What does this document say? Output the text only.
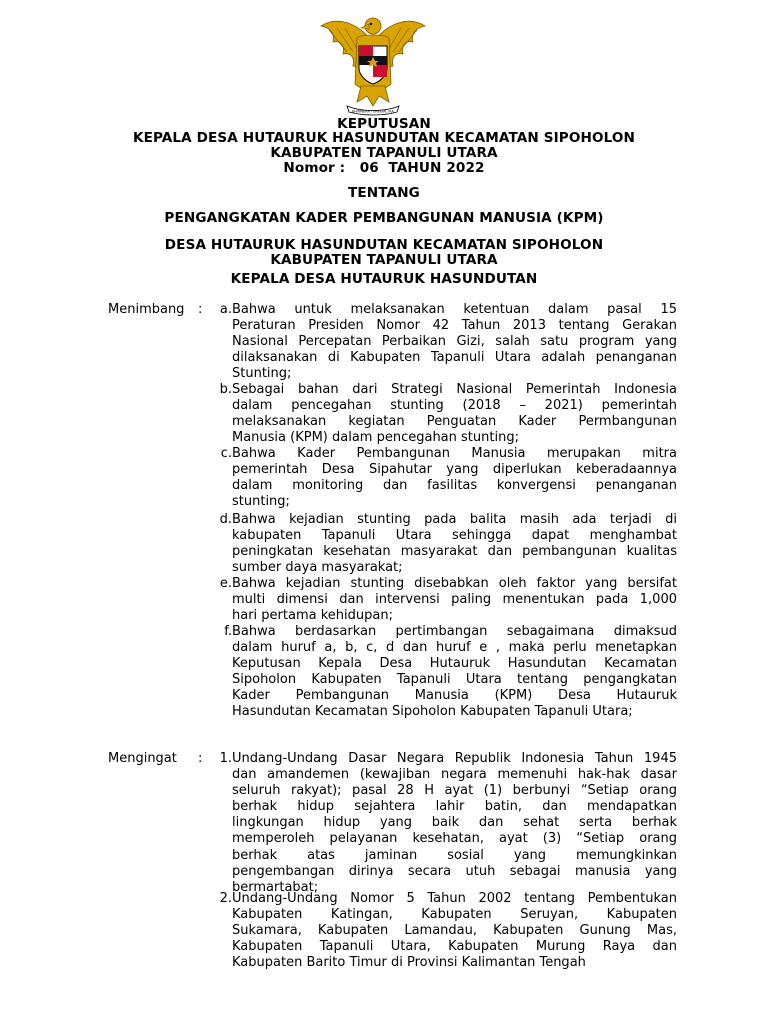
BHINNEKA TUNGGAL IKA
KEPUTUSAN
KEPALA DESA HUTAURUK HASUNDUTAN KECAMATAN SIPOHOLON
KABUPATEN TAPANULI UTARA
Nomor :   06  TAHUN 2022
TENTANG
PENGANGKATAN KADER PEMBANGUNAN MANUSIA (KPM)
DESA HUTAURUK HASUNDUTAN KECAMATAN SIPOHOLON
KABUPATEN TAPANULI UTARA
KEPALA DESA HUTAURUK HASUNDUTAN
Menimbang :	a. Bahwa untuk melaksanakan ketentuan dalam pasal 15
Peraturan Presiden Nomor 42 Tahun 2013 tentang Gerakan
Nasional Percepatan Perbaikan Gizi, salah satu program yang
dilaksanakan di Kabupaten Tapanuli Utara adalah penanganan
Stunting;
b. Sebagai bahan dari Strategi Nasional Pemerintah Indonesia
dalam pencegahan stunting (2018 – 2021) pemerintah
melaksanakan kegiatan Penguatan Kader Permbangunan
Manusia (KPM) dalam pencegahan stunting;
c. Bahwa Kader Pembangunan Manusia merupakan mitra
pemerintah Desa Sipahutar yang diperlukan keberadaannya
dalam monitoring dan fasilitas konvergensi penanganan
stunting;
d. Bahwa kejadian stunting pada balita masih ada terjadi di
kabupaten Tapanuli Utara sehingga dapat menghambat
peningkatan kesehatan masyarakat dan pembangunan kualitas
sumber daya masyarakat;
e. Bahwa kejadian stunting disebabkan oleh faktor yang bersifat
multi dimensi dan intervensi paling menentukan pada 1,000
hari pertama kehidupan;
f. Bahwa berdasarkan pertimbangan sebagaimana dimaksud
dalam huruf a, b, c, d dan huruf e , maka perlu menetapkan
Keputusan Kepala Desa Hutauruk Hasundutan Kecamatan
Sipoholon Kabupaten Tapanuli Utara tentang pengangkatan
Kader Pembangunan Manusia (KPM) Desa Hutauruk
Hasundutan Kecamatan Sipoholon Kabupaten Tapanuli Utara;
Mengingat :	1. Undang-Undang Dasar Negara Republik Indonesia Tahun 1945
dan amandemen (kewajiban negara memenuhi hak-hak dasar
seluruh rakyat); pasal 28 H ayat (1) berbunyi “Setiap orang
berhak hidup sejahtera lahir batin, dan mendapatkan
lingkungan hidup yang baik dan sehat serta berhak
memperoleh pelayanan kesehatan, ayat (3) “Setiap orang
berhak atas jaminan sosial yang memungkinkan
pengembangan dirinya secara utuh sebagai manusia yang
bermartabat;
2. Undang-Undang Nomor 5 Tahun 2002 tentang Pembentukan
Kabupaten Katingan, Kabupaten Seruyan, Kabupaten
Sukamara, Kabupaten Lamandau, Kabupaten Gunung Mas,
Kabupaten Tapanuli Utara, Kabupaten Murung Raya dan
Kabupaten Barito Timur di Provinsi Kalimantan Tengah
